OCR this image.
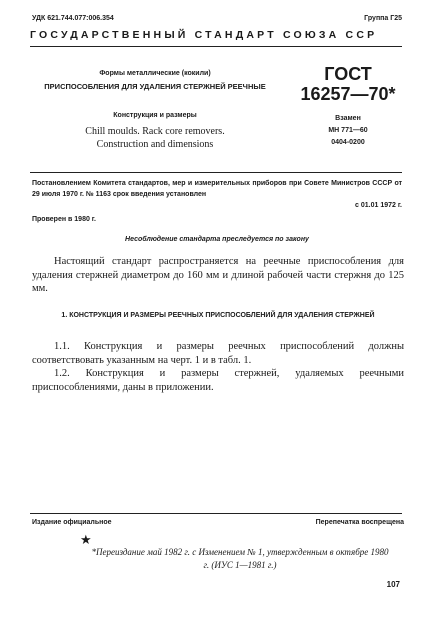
УДК 621.744.077:006.354	Группа Г25
ГОСУДАРСТВЕННЫЙ СТАНДАРТ СОЮЗА ССР
Формы металлические (кокили)
ПРИСПОСОБЛЕНИЯ ДЛЯ УДАЛЕНИЯ СТЕРЖНЕЙ РЕЕЧНЫЕ
Конструкция и размеры
Chill moulds. Rack core removers.
Construction and dimensions
ГОСТ
16257—70*
Взамен
МН 771—60
0404-0200
Постановлением Комитета стандартов, мер и измерительных приборов при Совете Министров СССР от 29 июля 1970 г. № 1163 срок введения установлен
с 01.01 1972 г.
Проверен в 1980 г.
Несоблюдение стандарта преследуется по закону
Настоящий стандарт распространяется на реечные приспособления для удаления стержней диаметром до 160 мм и длиной рабочей части стержня до 125 мм.
1. КОНСТРУКЦИЯ И РАЗМЕРЫ РЕЕЧНЫХ ПРИСПОСОБЛЕНИЙ ДЛЯ УДАЛЕНИЯ СТЕРЖНЕЙ
1.1. Конструкция и размеры реечных приспособлений должны соответствовать указанным на черт. 1 и в табл. 1.
1.2. Конструкция и размеры стержней, удаляемых реечными приспособлениями, даны в приложении.
Издание официальное	Перепечатка воспрещена
★
*Переиздание май 1982 г. с Изменением № 1, утвержденным в октябре 1980 г. (ИУС 1—1981 г.)
107
